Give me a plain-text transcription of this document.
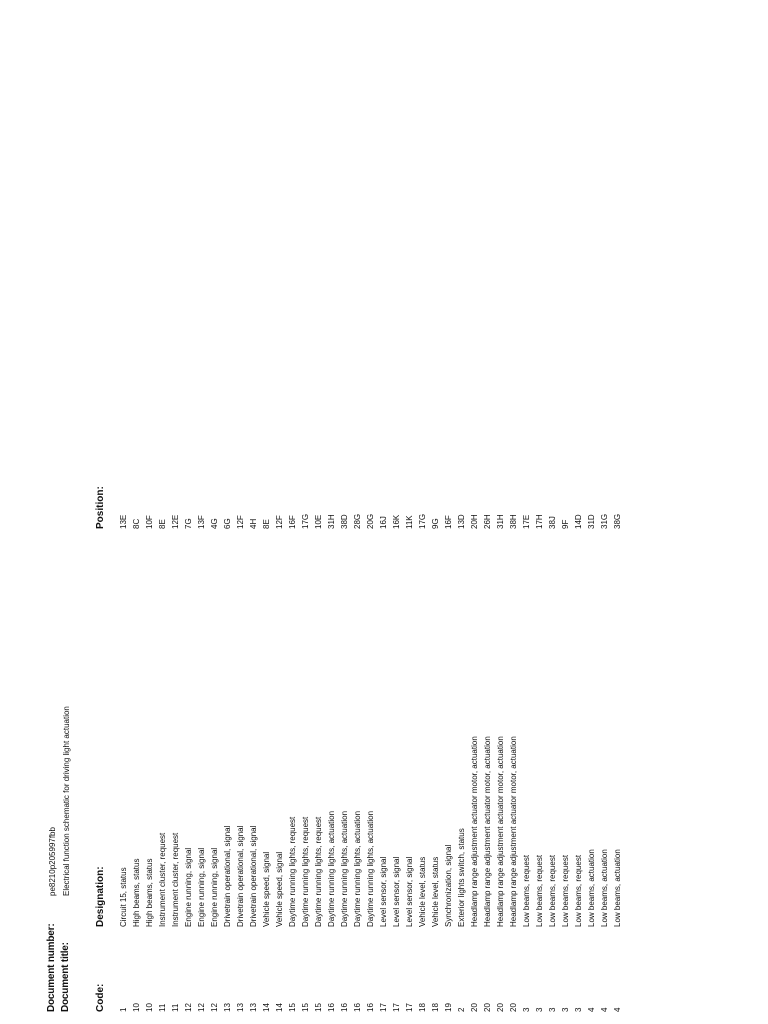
Document number:
pe8210p205997fbb
Document title:
Electrical function schematic for driving light actuation
Code:
Designation:
Position:
1
Circuit 15, status
13E
10
High beams, status
8C
10
High beams, status
10F
11
Instrument cluster, request
8E
11
Instrument cluster, request
12E
12
Engine running, signal
7G
12
Engine running, signal
13F
12
Engine running, signal
4G
13
Drivetrain operational, signal
6G
13
Drivetrain operational, signal
12F
13
Drivetrain operational, signal
4H
14
Vehicle speed, signal
8E
14
Vehicle speed, signal
12F
15
Daytime running lights, request
16F
15
Daytime running lights, request
17G
15
Daytime running lights, request
10E
16
Daytime running lights, actuation
31H
16
Daytime running lights, actuation
38D
16
Daytime running lights, actuation
28G
16
Daytime running lights, actuation
20G
17
Level sensor, signal
16J
17
Level sensor, signal
16K
17
Level sensor, signal
11K
18
Vehicle level, status
17G
18
Vehicle level, status
9G
19
Synchronization, signal
16F
2
Exterior lights switch, status
13D
20
Headlamp range adjustment actuator motor, actuation
20H
20
Headlamp range adjustment actuator motor, actuation
26H
20
Headlamp range adjustment actuator motor, actuation
31H
20
Headlamp range adjustment actuator motor, actuation
38H
3
Low beams, request
17E
3
Low beams, request
17H
3
Low beams, request
38J
3
Low beams, request
9F
3
Low beams, request
14D
4
Low beams, actuation
31D
4
Low beams, actuation
31G
4
Low beams, actuation
38G
